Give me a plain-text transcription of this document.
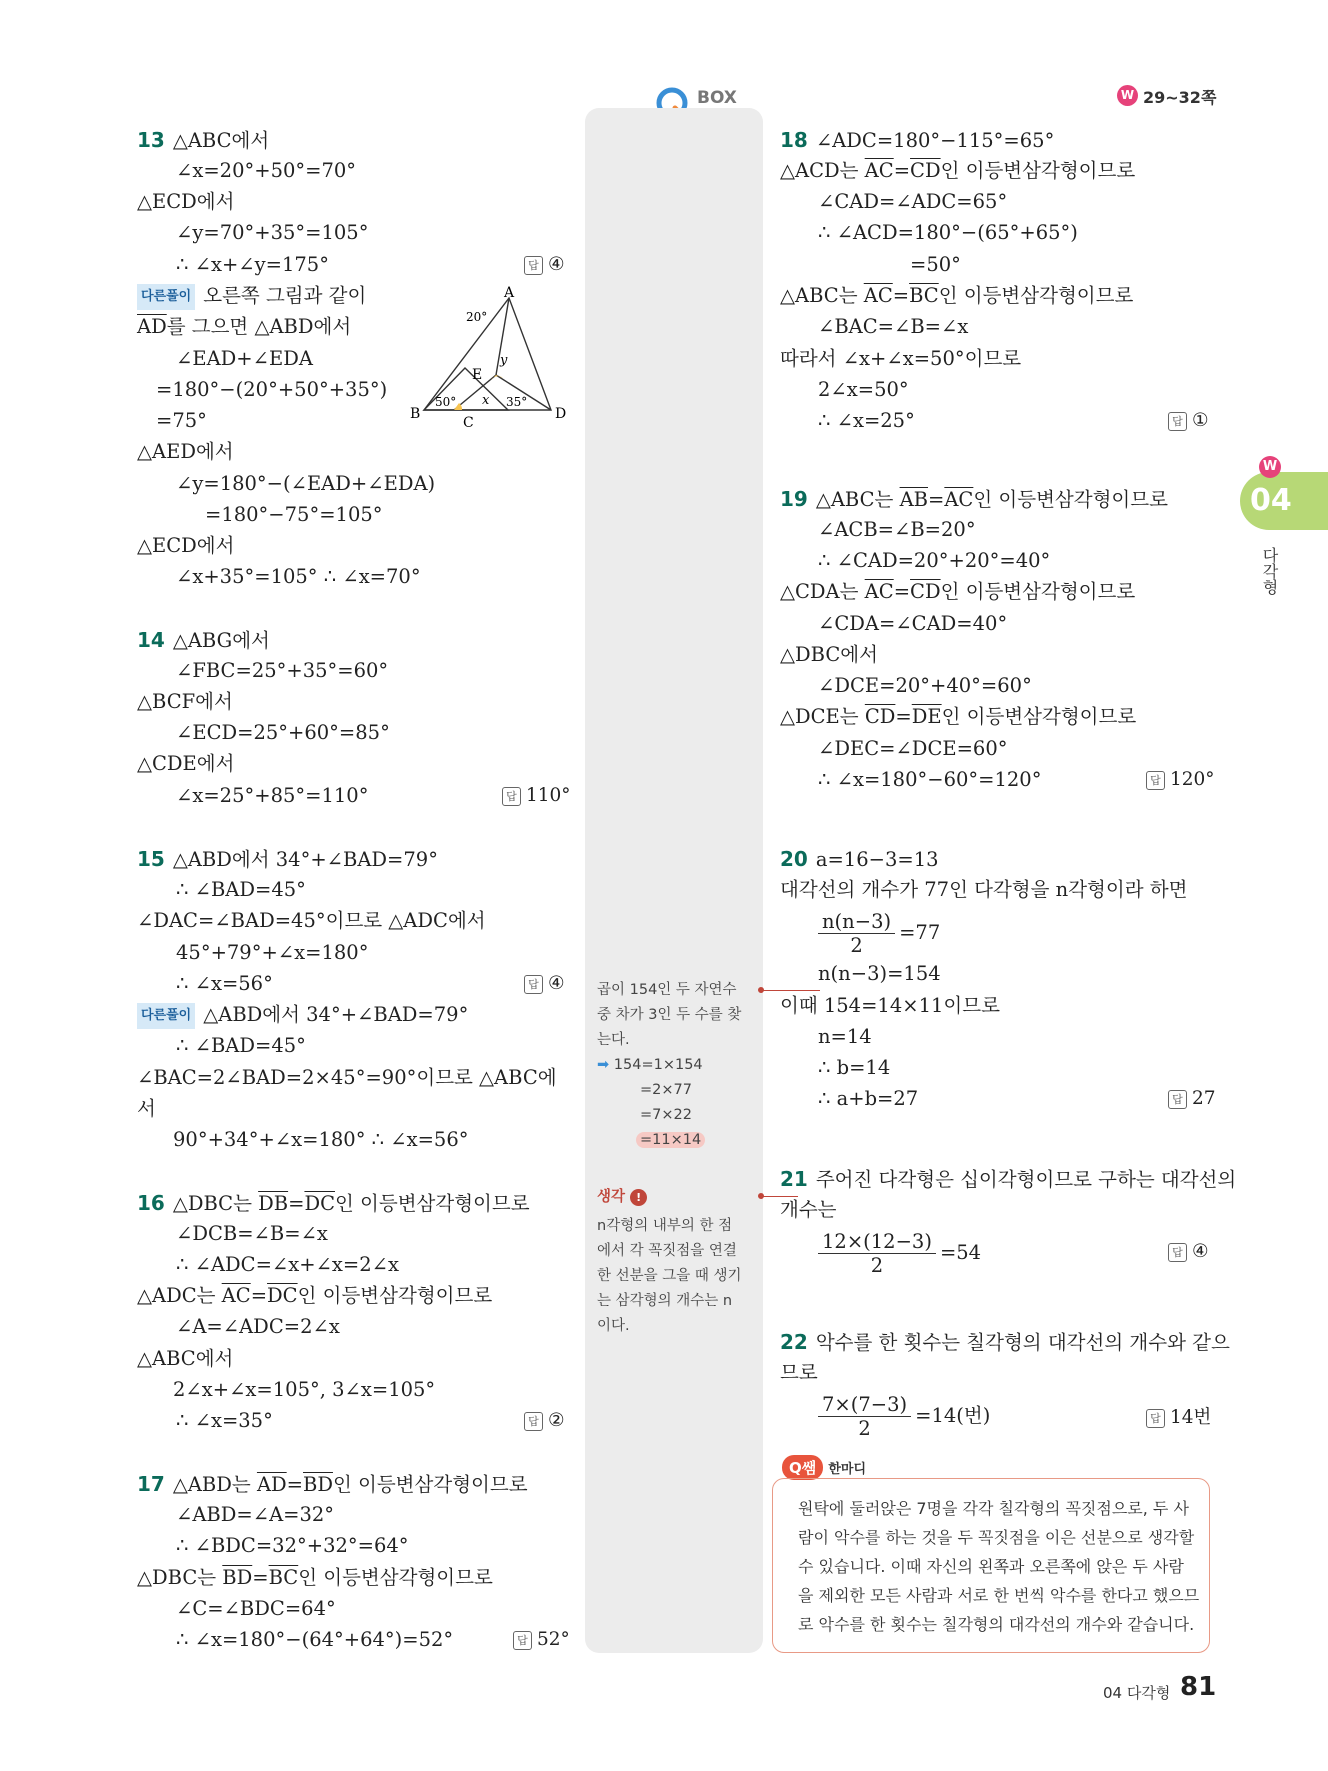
BOX	W 29~32쪽
W
04
다각형
13 △ABC에서
∠x=20°+50°=70°
△ECD에서
∠y=70°+35°=105°
∴ ∠x+∠y=175°	답 ④
다른풀이 오른쪽 그림과 같이
$\overline{AD}$를 그으면 △ABD에서
∠EAD+∠EDA
=180°−(20°+50°+35°)
=75°
△AED에서
∠y=180°−(∠EAD+∠EDA)
=180°−75°=105°
△ECD에서
∠x+35°=105° ∴ ∠x=70°
A
B
C
D
E
20°
50°	35°
x
y
14 △ABG에서
∠FBC=25°+35°=60°
△BCF에서
∠ECD=25°+60°=85°
△CDE에서
∠x=25°+85°=110°	답 110°
15 △ABD에서 34°+∠BAD=79°
∴ ∠BAD=45°
∠DAC=∠BAD=45°이므로 △ADC에서
45°+79°+∠x=180°
∴ ∠x=56°	답 ④
다른풀이 △ABD에서 34°+∠BAD=79°
∴ ∠BAD=45°
∠BAC=2∠BAD=2×45°=90°이므로 △ABC에
서
90°+34°+∠x=180° ∴ ∠x=56°
16 △DBC는 $\overline{DB}=\overline{DC}$인 이등변삼각형이므로
∠DCB=∠B=∠x
∴ ∠ADC=∠x+∠x=2∠x
△ADC는 $\overline{AC}=\overline{DC}$인 이등변삼각형이므로
∠A=∠ADC=2∠x
△ABC에서
2∠x+∠x=105°, 3∠x=105°
∴ ∠x=35°	답 ②
17 △ABD는 $\overline{AD}=\overline{BD}$인 이등변삼각형이므로
∠ABD=∠A=32°
∴ ∠BDC=32°+32°=64°
△DBC는 $\overline{BD}=\overline{BC}$인 이등변삼각형이므로
∠C=∠BDC=64°
∴ ∠x=180°−(64°+64°)=52°	답 52°
곱이 154인 두 자연수
중 차가 3인 두 수를 찾
는다.
➡ 154=1×154
=2×77
=7×22
=11×14
생각 !
n각형의 내부의 한 점
에서 각 꼭짓점을 연결
한 선분을 그을 때 생기
는 삼각형의 개수는 n
이다.
18 ∠ADC=180°−115°=65°
△ACD는 $\overline{AC}=\overline{CD}$인 이등변삼각형이므로
∠CAD=∠ADC=65°
∴ ∠ACD=180°−(65°+65°)
=50°
△ABC는 $\overline{AC}=\overline{BC}$인 이등변삼각형이므로
∠BAC=∠B=∠x
따라서 ∠x+∠x=50°이므로
2∠x=50°
∴ ∠x=25°	답 ①
19 △ABC는 $\overline{AB}=\overline{AC}$인 이등변삼각형이므로
∠ACB=∠B=20°
∴ ∠CAD=20°+20°=40°
△CDA는 $\overline{AC}=\overline{CD}$인 이등변삼각형이므로
∠CDA=∠CAD=40°
△DBC에서
∠DCE=20°+40°=60°
△DCE는 $\overline{CD}=\overline{DE}$인 이등변삼각형이므로
∠DEC=∠DCE=60°
∴ ∠x=180°−60°=120°	답 120°
20 a=16−3=13
대각선의 개수가 77인 다각형을 n각형이라 하면
$\frac{n(n-3)}{2} =77$
n(n−3)=154
이때 154=14×11이므로
n=14
∴ b=14
∴ a+b=27	답 27
21 주어진 다각형은 십이각형이므로 구하는 대각선의
개수는
$\frac{12\times(12-3)}{2} =54$	답 ④
22 악수를 한 횟수는 칠각형의 대각선의 개수와 같으
므로
$\frac{7\times(7-3)}{2} =14$(번)	답 14번
Q쌤 한마디
원탁에 둘러앉은 7명을 각각 칠각형의 꼭짓점으로, 두 사
람이 악수를 하는 것을 두 꼭짓점을 이은 선분으로 생각할
수 있습니다. 이때 자신의 왼쪽과 오른쪽에 앉은 두 사람
을 제외한 모든 사람과 서로 한 번씩 악수를 한다고 했으므
로 악수를 한 횟수는 칠각형의 대각선의 개수와 같습니다.
04 다각형 81
